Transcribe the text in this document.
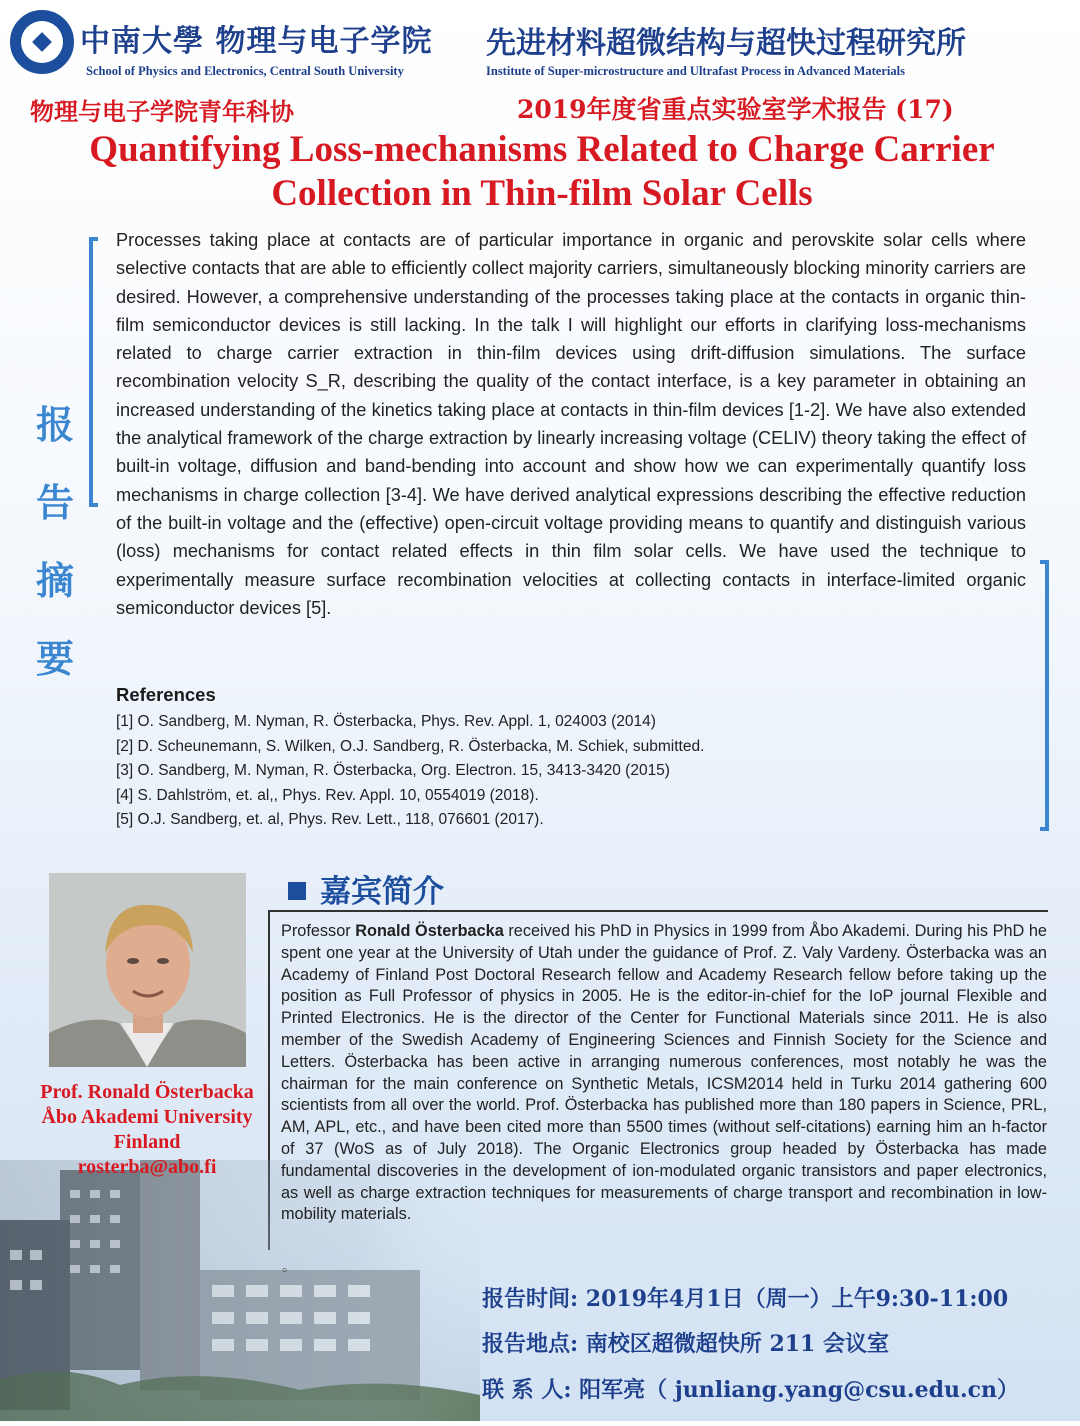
中南大學 物理与电子学院
School of Physics and Electronics, Central South University
先进材料超微结构与超快过程研究所
Institute of Super-microstructure and Ultrafast Process in Advanced Materials
物理与电子学院青年科协	2019年度省重点实验室学术报告 (17)
Quantifying Loss-mechanisms Related to Charge Carrier
Collection in Thin-film Solar Cells
报
告
摘
要
Processes taking place at contacts are of particular importance in organic and perovskite solar cells where selective contacts that are able to efficiently collect majority carriers, simultaneously blocking minority carriers are desired. However, a comprehensive understanding of the processes taking place at the contacts in organic thin-film semiconductor devices is still lacking. In the talk I will highlight our efforts in clarifying loss-mechanisms related to charge carrier extraction in thin-film devices using drift-diffusion simulations. The surface recombination velocity S_R, describing the quality of the contact interface, is a key parameter in obtaining an increased understanding of the kinetics taking place at contacts in thin-film devices [1-2]. We have also extended the analytical framework of the charge extraction by linearly increasing voltage (CELIV) theory taking the effect of built-in voltage, diffusion and band-bending into account and show how we can experimentally quantify loss mechanisms in charge collection [3-4]. We have derived analytical expressions describing the effective reduction of the built-in voltage and the (effective) open-circuit voltage providing means to quantify and distinguish various (loss) mechanisms for contact related effects in thin film solar cells. We have used the technique to experimentally measure surface recombination velocities at collecting contacts in interface-limited organic semiconductor devices [5].
References
[1] O. Sandberg, M. Nyman, R. Österbacka, Phys. Rev. Appl. 1, 024003 (2014)
[2] D. Scheunemann, S. Wilken, O.J. Sandberg, R. Österbacka, M. Schiek, submitted.
[3] O. Sandberg, M. Nyman, R. Österbacka, Org. Electron. 15, 3413-3420 (2015)
[4] S. Dahlström, et. al,, Phys. Rev. Appl. 10, 0554019 (2018).
[5] O.J. Sandberg, et. al, Phys. Rev. Lett., 118, 076601 (2017).
嘉宾简介
Prof. Ronald Österbacka
Åbo Akademi University
Finland
rosterba@abo.fi
Professor Ronald Österbacka received his PhD in Physics in 1999 from Åbo Akademi. During his PhD he spent one year at the University of Utah under the guidance of Prof. Z. Valy Vardeny. Österbacka was an Academy of Finland Post Doctoral Research fellow and Academy Research fellow before taking up the position as Full Professor of physics in 2005. He is the editor-in-chief for the IoP journal Flexible and Printed Electronics. He is the director of the Center for Functional Materials since 2011. He is also member of the Swedish Academy of Engineering Sciences and Finnish Society for the Science and Letters. Österbacka has been active in arranging numerous conferences, most notably he was the chairman for the main conference on Synthetic Metals, ICSM2014 held in Turku 2014 gathering 600 scientists from all over the world. Prof. Österbacka has published more than 180 papers in Science, PRL, AM, APL, etc., and have been cited more than 5500 times (without self-citations) earning him an h-factor of 37 (WoS as of July 2018). The Organic Electronics group headed by Österbacka has made fundamental discoveries in the development of ion-modulated organic transistors and paper electronics, as well as charge extraction techniques for measurements of charge transport and recombination in low-mobility materials.
。
报告时间: 2019年4月1日（周一）上午9:30-11:00
报告地点: 南校区超微超快所 211 会议室
联 系 人: 阳军亮（ junliang.yang@csu.edu.cn）
